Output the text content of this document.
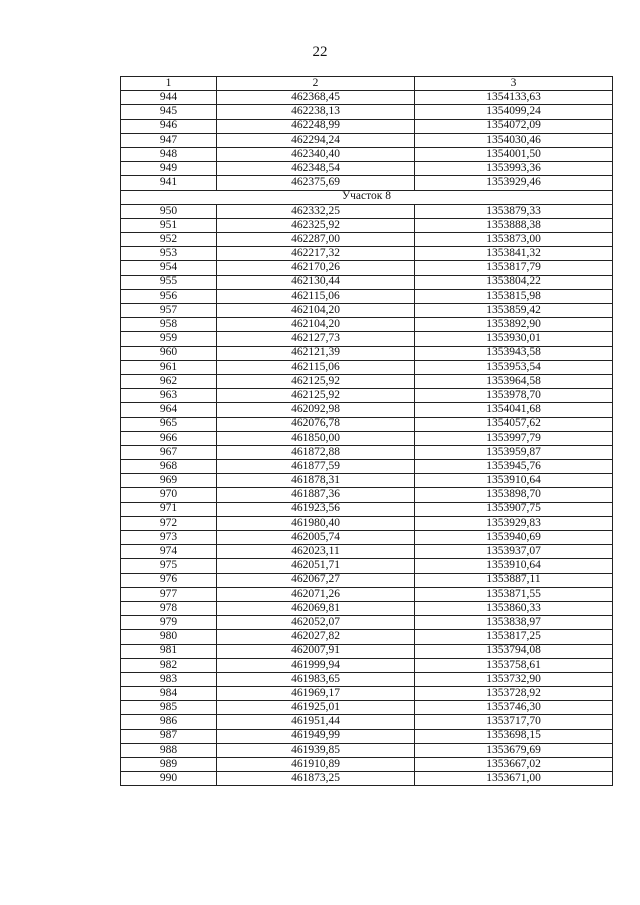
22
1	2	3
944	462368,45	1354133,63
945	462238,13	1354099,24
946	462248,99	1354072,09
947	462294,24	1354030,46
948	462340,40	1354001,50
949	462348,54	1353993,36
941	462375,69	1353929,46
Участок 8		
950	462332,25	1353879,33
951	462325,92	1353888,38
952	462287,00	1353873,00
953	462217,32	1353841,32
954	462170,26	1353817,79
955	462130,44	1353804,22
956	462115,06	1353815,98
957	462104,20	1353859,42
958	462104,20	1353892,90
959	462127,73	1353930,01
960	462121,39	1353943,58
961	462115,06	1353953,54
962	462125,92	1353964,58
963	462125,92	1353978,70
964	462092,98	1354041,68
965	462076,78	1354057,62
966	461850,00	1353997,79
967	461872,88	1353959,87
968	461877,59	1353945,76
969	461878,31	1353910,64
970	461887,36	1353898,70
971	461923,56	1353907,75
972	461980,40	1353929,83
973	462005,74	1353940,69
974	462023,11	1353937,07
975	462051,71	1353910,64
976	462067,27	1353887,11
977	462071,26	1353871,55
978	462069,81	1353860,33
979	462052,07	1353838,97
980	462027,82	1353817,25
981	462007,91	1353794,08
982	461999,94	1353758,61
983	461983,65	1353732,90
984	461969,17	1353728,92
985	461925,01	1353746,30
986	461951,44	1353717,70
987	461949,99	1353698,15
988	461939,85	1353679,69
989	461910,89	1353667,02
990	461873,25	1353671,00
